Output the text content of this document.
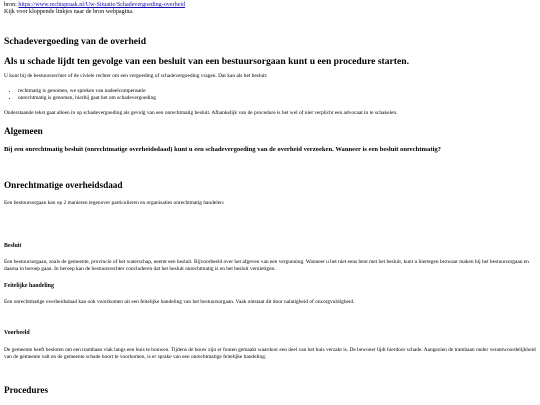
bron: https://www.rechtspraak.nl/Uw-Situatie/Schadevergoeding-overheid
Kijk voor kloppende linkjes naar de bron webpagina.
Schadevergoeding van de overheid
Als u schade lijdt ten gevolge van een besluit van een bestuursorgaan kunt u een procedure starten.

U kunt bij de bestuursrechter of de civiele rechter om een vergoeding of schadevergoeding vragen. Dat kan als het besluit:

• rechtmatig is genomen, we spreken van nadeelcompensatie
• onrechtmatig is genomen, hierbij gaat het om schadevergoeding

Onderstaande tekst gaat alleen in op schadevergoeding als gevolg van een onrechtmatig besluit. Afhankelijk van de procedure is het wel of niet verplicht een advocaat in te schakelen.

Algemeen
Bij een onrechtmatig besluit (onrechtmatige overheidsdaad) kunt u een schadevergoeding van de overheid verzoeken. Wanneer is een besluit onrechtmatig?
Onrechtmatige overheidsdaad

Een bestuursorgaan kan op 2 manieren tegenover particulieren en organisaties onrechtmatig handelen:

Besluit

Een bestuursorgaan, zoals de gemeente, provincie of het waterschap, neemt een besluit. Bijvoorbeeld over het afgeven van een vergunning. Wanneer u het niet eens bent met het besluit, kunt u hiertegen bezwaar maken bij het bestuursorgaan en daarna in beroep gaan. In beroep kan de bestuursrechter concluderen dat het besluit onrechtmatig is en het besluit vernietigen.

Feitelijke handeling

Een onrechtmatige overheidsdaad kan ook voortkomen uit een feitelijke handeling van het bestuursorgaan. Vaak ontstaat dit door nalatigheid of onzorgvuldigheid.

Voorbeeld

De gemeente heeft besloten om een trambaan vlak langs een huis te bouwen. Tijdens de bouw zijn er fouten gemaakt waardoor een deel van het huis verzakt is. De bewoner lijdt hierdoor schade. Aangezien de trambaan onder verantwoordelijkheid van de gemeente valt en de gemeente schade hoort te voorkomen, is er sprake van een onrechtmatige feitelijke handeling.

Procedures
